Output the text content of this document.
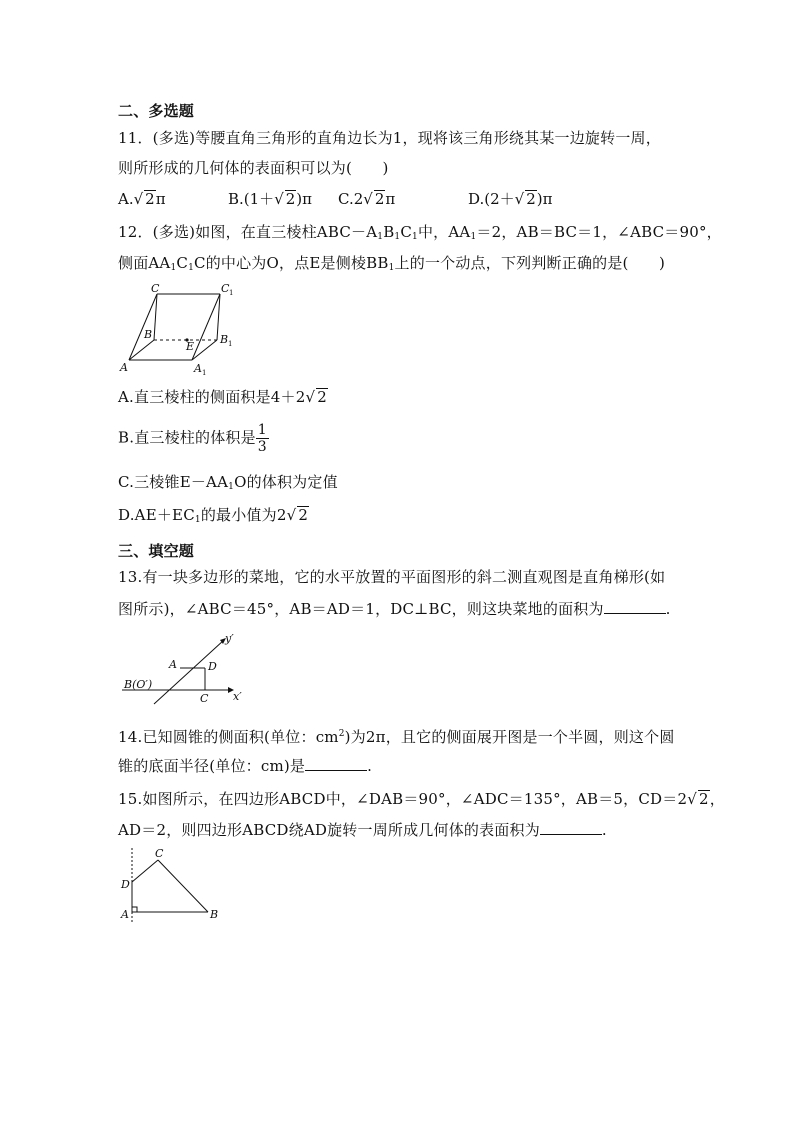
二、多选题
11．(多选)等腰直角三角形的直角边长为1，现将该三角形绕其某一边旋转一周，
则所形成的几何体的表面积可以为(　　)
A.√ 2π	B.(1＋√ 2)π C.2√ 2π	D.(2＋√ 2)π
12．(多选)如图，在直三棱柱$ABC-A_1B_1C_1$中，$AA_1=2$，AB＝BC＝1，∠ABC＝90°，
侧面$AA_1C_1C$的中心为O，点E是侧棱$BB_1$上的一个动点，下列判断正确的是(　　)
C	C 1
B	B 1
E
A	A 1
A.直三棱柱的侧面积是4＋2√ 2
B.直三棱柱的体积是 $\frac{1}{3}$
C.三棱锥$E-AA_1O$的体积为定值
$D.AE+EC_1$的最小值为2√ 2
三、填空题
13.有一块多边形的菜地，它的水平放置的平面图形的斜二测直观图是直角梯形(如
图所示)，∠ABC＝45°，AB＝AD＝1，DC⊥BC，则这块菜地的面积为	.
y′
A	D
B(O′)
C x′
14.已知圆锥的侧面积(单位：$cm^2$)为2π，且它的侧面展开图是一个半圆，则这个圆
锥的底面半径(单位：cm)是	.
15.如图所示，在四边形ABCD中，∠DAB＝90°，∠ADC＝135°，AB＝5，CD＝2√ 2，
AD＝2，则四边形ABCD绕AD旋转一周所成几何体的表面积为	.
C
D
A	B
